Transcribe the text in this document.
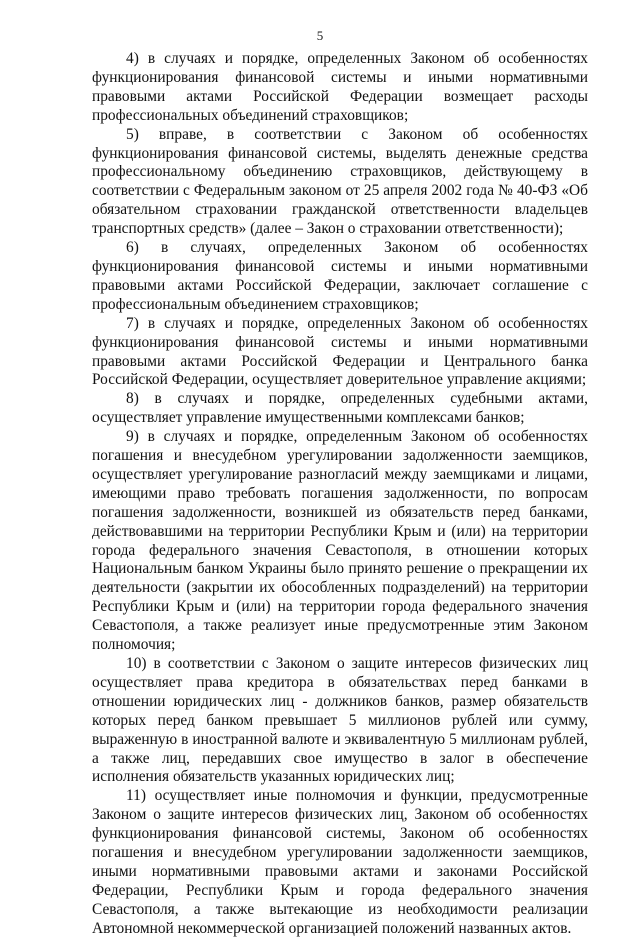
5

4) в случаях и порядке, определенных Законом об особенностях функционирования финансовой системы и иными нормативными правовыми актами Российской Федерации возмещает расходы профессиональных объединений страховщиков;

5) вправе, в соответствии с Законом об особенностях функционирования финансовой системы, выделять денежные средства профессиональному объединению страховщиков, действующему в соответствии с Федеральным законом от 25 апреля 2002 года № 40-ФЗ «Об обязательном страховании гражданской ответственности владельцев транспортных средств» (далее – Закон о страховании ответственности);

6) в случаях, определенных Законом об особенностях функционирования финансовой системы и иными нормативными правовыми актами Российской Федерации, заключает соглашение с профессиональным объединением страховщиков;

7) в случаях и порядке, определенных Законом об особенностях функционирования финансовой системы и иными нормативными правовыми актами Российской Федерации и Центрального банка Российской Федерации, осуществляет доверительное управление акциями;

8) в случаях и порядке, определенных судебными актами, осуществляет управление имущественными комплексами банков;

9) в случаях и порядке, определенным Законом об особенностях погашения и внесудебном урегулировании задолженности заемщиков, осуществляет урегулирование разногласий между заемщиками и лицами, имеющими право требовать погашения задолженности, по вопросам погашения задолженности, возникшей из обязательств перед банками, действовавшими на территории Республики Крым и (или) на территории города федерального значения Севастополя, в отношении которых Национальным банком Украины было принято решение о прекращении их деятельности (закрытии их обособленных подразделений) на территории Республики Крым и (или) на территории города федерального значения Севастополя, а также реализует иные предусмотренные этим Законом полномочия;

10) в соответствии с Законом о защите интересов физических лиц осуществляет права кредитора в обязательствах перед банками в отношении юридических лиц - должников банков, размер обязательств которых перед банком превышает 5 миллионов рублей или сумму, выраженную в иностранной валюте и эквивалентную 5 миллионам рублей, а также лиц, передавших свое имущество в залог в обеспечение исполнения обязательств указанных юридических лиц;

11) осуществляет иные полномочия и функции, предусмотренные Законом о защите интересов физических лиц, Законом об особенностях функционирования финансовой системы, Законом об особенностях погашения и внесудебном урегулировании задолженности заемщиков, иными нормативными правовыми актами и законами Российской Федерации, Республики Крым и города федерального значения Севастополя, а также вытекающие из необходимости реализации Автономной некоммерческой организацией положений названных актов.
